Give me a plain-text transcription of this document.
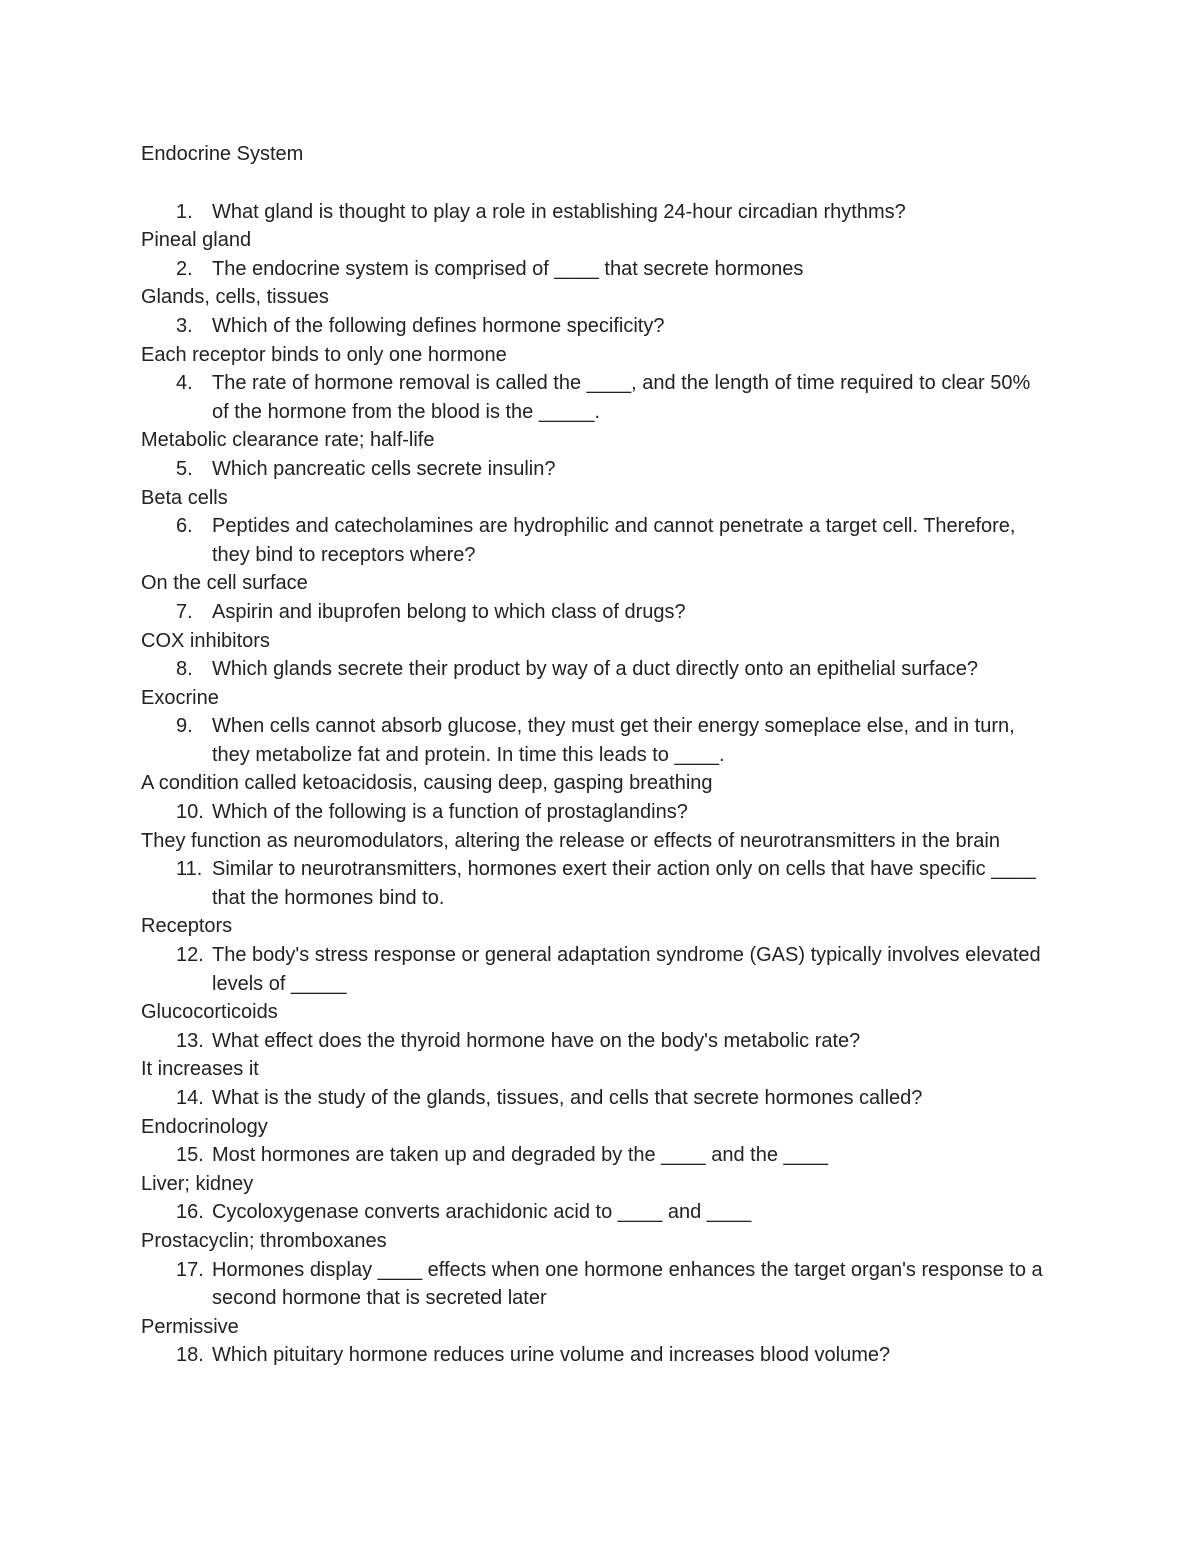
Endocrine System
1. What gland is thought to play a role in establishing 24-hour circadian rhythms?
Pineal gland
2. The endocrine system is comprised of ____ that secrete hormones
Glands, cells, tissues
3. Which of the following defines hormone specificity?
Each receptor binds to only one hormone
4. The rate of hormone removal is called the ____, and the length of time required to clear 50% of the hormone from the blood is the _____.
Metabolic clearance rate; half-life
5. Which pancreatic cells secrete insulin?
Beta cells
6. Peptides and catecholamines are hydrophilic and cannot penetrate a target cell. Therefore, they bind to receptors where?
On the cell surface
7. Aspirin and ibuprofen belong to which class of drugs?
COX inhibitors
8. Which glands secrete their product by way of a duct directly onto an epithelial surface?
Exocrine
9. When cells cannot absorb glucose, they must get their energy someplace else, and in turn, they metabolize fat and protein. In time this leads to ____.
A condition called ketoacidosis, causing deep, gasping breathing
10. Which of the following is a function of prostaglandins?
They function as neuromodulators, altering the release or effects of neurotransmitters in the brain
11. Similar to neurotransmitters, hormones exert their action only on cells that have specific ____ that the hormones bind to.
Receptors
12. The body's stress response or general adaptation syndrome (GAS) typically involves elevated levels of _____
Glucocorticoids
13. What effect does the thyroid hormone have on the body's metabolic rate?
It increases it
14. What is the study of the glands, tissues, and cells that secrete hormones called?
Endocrinology
15. Most hormones are taken up and degraded by the ____ and the ____
Liver; kidney
16. Cycoloxygenase converts arachidonic acid to ____ and ____
Prostacyclin; thromboxanes
17. Hormones display ____ effects when one hormone enhances the target organ's response to a second hormone that is secreted later
Permissive
18. Which pituitary hormone reduces urine volume and increases blood volume?
